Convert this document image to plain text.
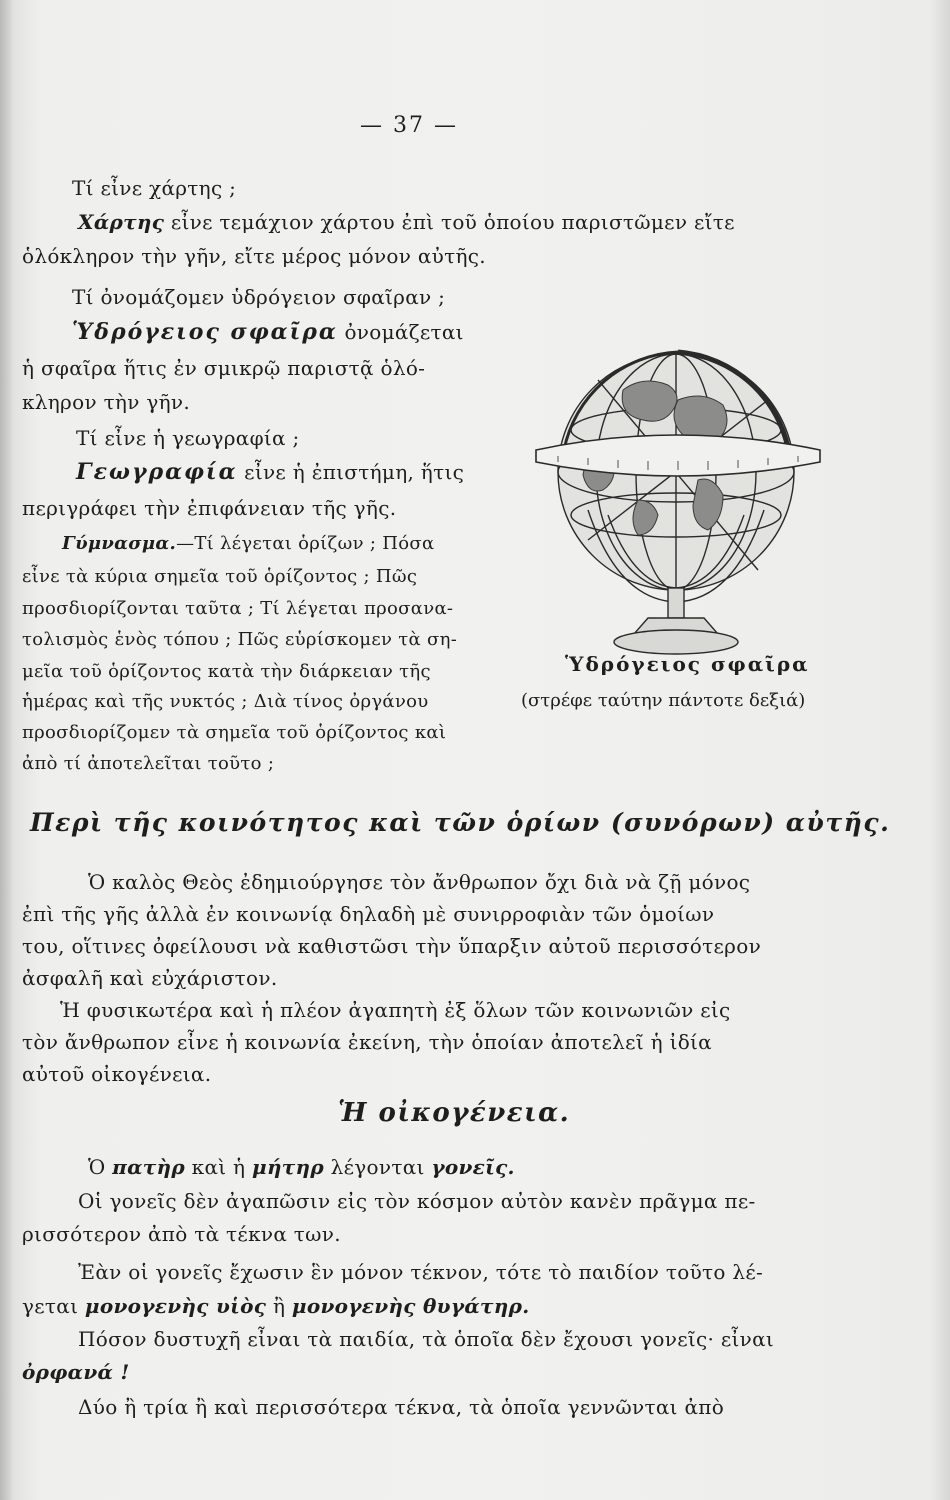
— 37 —
Τί εἶνε χάρτης ;
Χάρτης εἶνε τεμάχιον χάρτου ἐπὶ τοῦ ὁποίου παριστῶμεν εἴτε
ὁλόκληρον τὴν γῆν, εἴτε μέρος μόνον αὐτῆς.
Τί ὀνομάζομεν ὑδρόγειον σφαῖραν ;
Ὑδρόγειος σφαῖρα ὀνομάζεται
ἡ σφαῖρα ἥτις ἐν σμικρῷ παριστᾷ ὁλό-
κληρον τὴν γῆν.
Τί εἶνε ἡ γεωγραφία ;
Γεωγραφία εἶνε ἡ ἐπιστήμη, ἥτις
περιγράφει τὴν ἐπιφάνειαν τῆς γῆς.
Γύμνασμα.—Τί λέγεται ὁρίζων ; Πόσα
εἶνε τὰ κύρια σημεῖα τοῦ ὁρίζοντος ; Πῶς
προσδιορίζονται ταῦτα ; Τί λέγεται προσανα-
τολισμὸς ἑνὸς τόπου ; Πῶς εὑρίσκομεν τὰ ση-
μεῖα τοῦ ὁρίζοντος κατὰ τὴν διάρκειαν τῆς
ἡμέρας καὶ τῆς νυκτός ; Διὰ τίνος ὀργάνου
προσδιορίζομεν τὰ σημεῖα τοῦ ὁρίζοντος καὶ
ἀπὸ τί ἀποτελεῖται τοῦτο ;
Ὑδρόγειος σφαῖρα
(στρέφε ταύτην πάντοτε δεξιά)
Περὶ τῆς κοινότητος καὶ τῶν ὁρίων (συνόρων) αὐτῆς.
Ὁ καλὸς Θεὸς ἐδημιούργησε τὸν ἄνθρωπον ὄχι διὰ νὰ ζῇ μόνος
ἐπὶ τῆς γῆς ἀλλὰ ἐν κοινωνίᾳ δηλαδὴ μὲ συνιρροφιὰν τῶν ὁμοίων
του, οἵτινες ὀφείλουσι νὰ καθιστῶσι τὴν ὕπαρξιν αὐτοῦ περισσότερον
ἀσφαλῆ καὶ εὐχάριστον.
Ἡ φυσικωτέρα καὶ ἡ πλέον ἀγαπητὴ ἐξ ὅλων τῶν κοινωνιῶν εἰς
τὸν ἄνθρωπον εἶνε ἡ κοινωνία ἐκείνη, τὴν ὁποίαν ἀποτελεῖ ἡ ἰδία
αὐτοῦ οἰκογένεια.
Ἡ οἰκογένεια.
Ὁ πατὴρ καὶ ἡ μήτηρ λέγονται γονεῖς.
Οἱ γονεῖς δὲν ἀγαπῶσιν εἰς τὸν κόσμον αὐτὸν κανὲν πρᾶγμα πε-
ρισσότερον ἀπὸ τὰ τέκνα των.
Ἐὰν οἱ γονεῖς ἔχωσιν ἓν μόνον τέκνον, τότε τὸ παιδίον τοῦτο λέ-
γεται μονογενὴς υἱὸς ἢ μονογενὴς θυγάτηρ.
Πόσον δυστυχῆ εἶναι τὰ παιδία, τὰ ὁποῖα δὲν ἔχουσι γονεῖς· εἶναι
ὀρφανά !
Δύο ἢ τρία ἢ καὶ περισσότερα τέκνα, τὰ ὁποῖα γεννῶνται ἀπὸ
